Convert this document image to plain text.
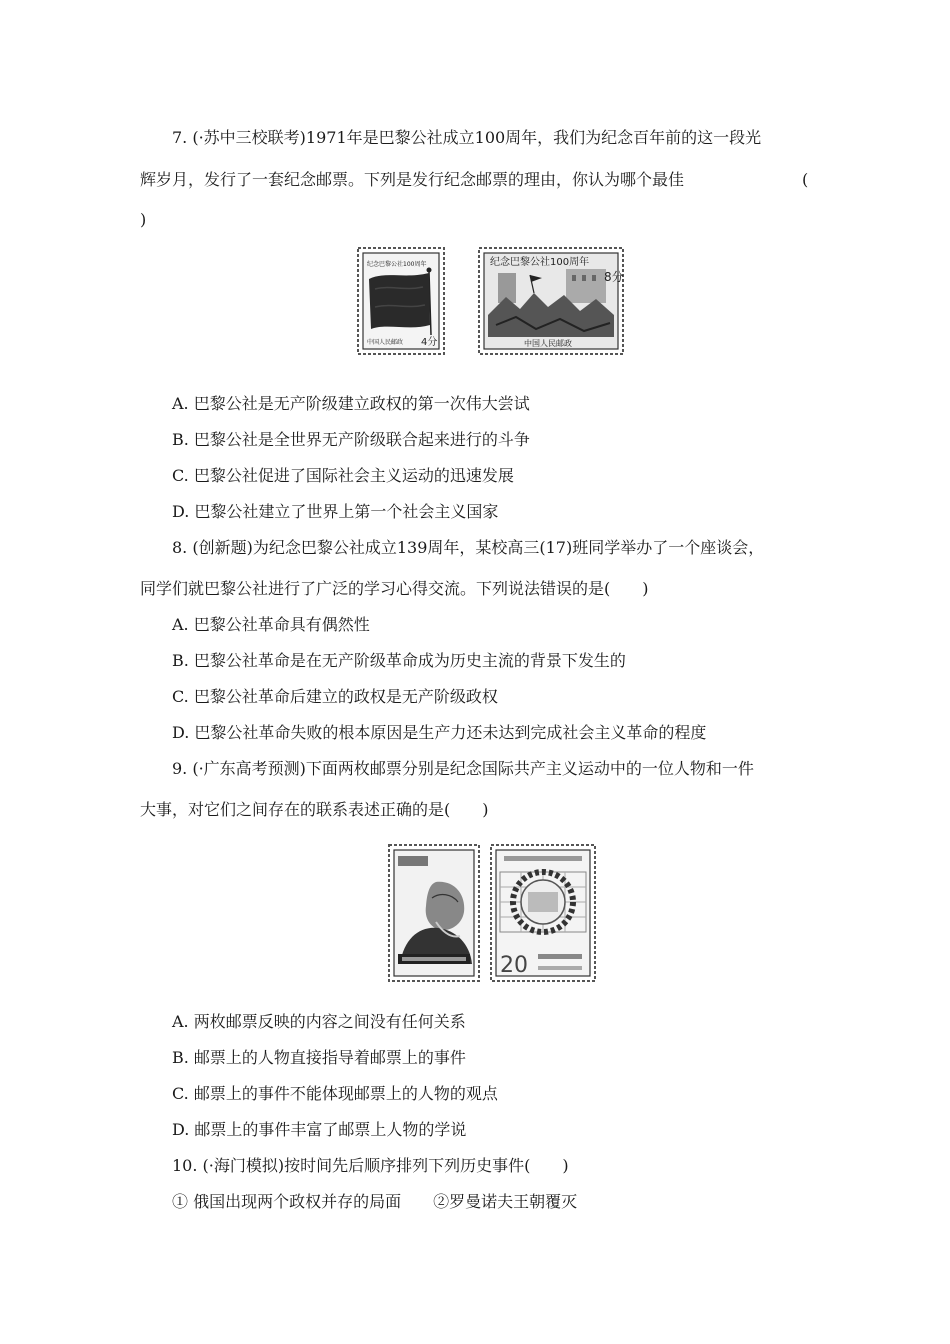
7. (·苏中三校联考)1971年是巴黎公社成立100周年，我们为纪念百年前的这一段光
辉岁月，发行了一套纪念邮票。下列是发行纪念邮票的理由，你认为哪个最佳	(
)
纪念巴黎公社100周年
中国人民邮政 4分
纪念巴黎公社100周年
8分
中国人民邮政
A. 巴黎公社是无产阶级建立政权的第一次伟大尝试
B. 巴黎公社是全世界无产阶级联合起来进行的斗争
C. 巴黎公社促进了国际社会主义运动的迅速发展
D. 巴黎公社建立了世界上第一个社会主义国家
8. (创新题)为纪念巴黎公社成立139周年，某校高三(17)班同学举办了一个座谈会，
同学们就巴黎公社进行了广泛的学习心得交流。下列说法错误的是(　　)
A. 巴黎公社革命具有偶然性
B. 巴黎公社革命是在无产阶级革命成为历史主流的背景下发生的
C. 巴黎公社革命后建立的政权是无产阶级政权
D. 巴黎公社革命失败的根本原因是生产力还未达到完成社会主义革命的程度
9. (·广东高考预测)下面两枚邮票分别是纪念国际共产主义运动中的一位人物和一件
大事，对它们之间存在的联系表述正确的是(　　)
20
A. 两枚邮票反映的内容之间没有任何关系
B. 邮票上的人物直接指导着邮票上的事件
C. 邮票上的事件不能体现邮票上的人物的观点
D. 邮票上的事件丰富了邮票上人物的学说
10. (·海门模拟)按时间先后顺序排列下列历史事件(　　)
① 俄国出现两个政权并存的局面　　②罗曼诺夫王朝覆灭
